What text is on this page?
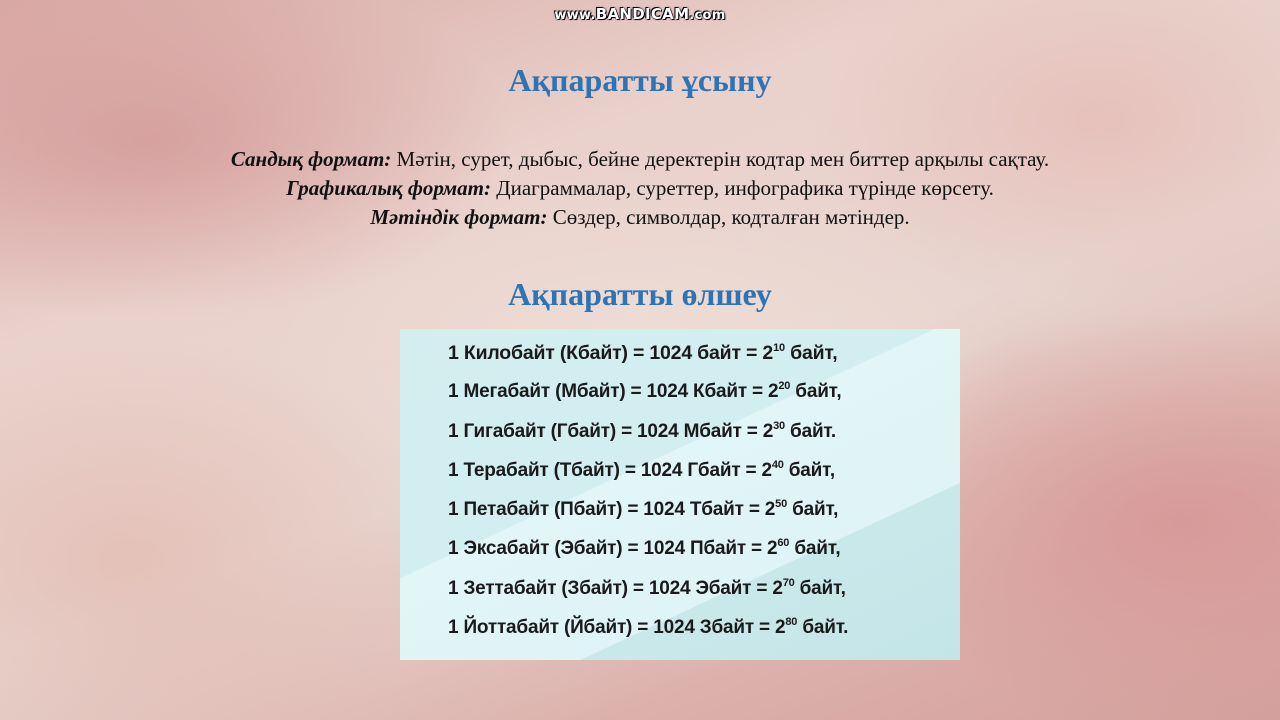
www.BANDICAM.com
Ақпаратты ұсыну
Сандық формат: Мәтін, сурет, дыбыс, бейне деректерін кодтар мен биттер арқылы сақтау.
Графикалық формат: Диаграммалар, суреттер, инфографика түрінде көрсету.
Мәтіндік формат: Сөздер, символдар, кодталған мәтіндер.
Ақпаратты өлшеу
1 Килобайт (Кбайт) = 1024 байт = $2^{10}$ байт,
1 Мегабайт (Мбайт) = 1024 Кбайт = $2^{20}$ байт,
1 Гигабайт (Гбайт) = 1024 Мбайт = $2^{30}$ байт.
1 Терабайт (Тбайт) = 1024 Гбайт = $2^{40}$ байт,
1 Петабайт (Пбайт) = 1024 Тбайт = $2^{50}$ байт,
1 Эксабайт (Эбайт) = 1024 Пбайт = $2^{60}$ байт,
1 Зеттабайт (Збайт) = 1024 Эбайт = $2^{70}$ байт,
1 Йоттабайт (Йбайт) = 1024 Збайт = $2^{80}$ байт.
